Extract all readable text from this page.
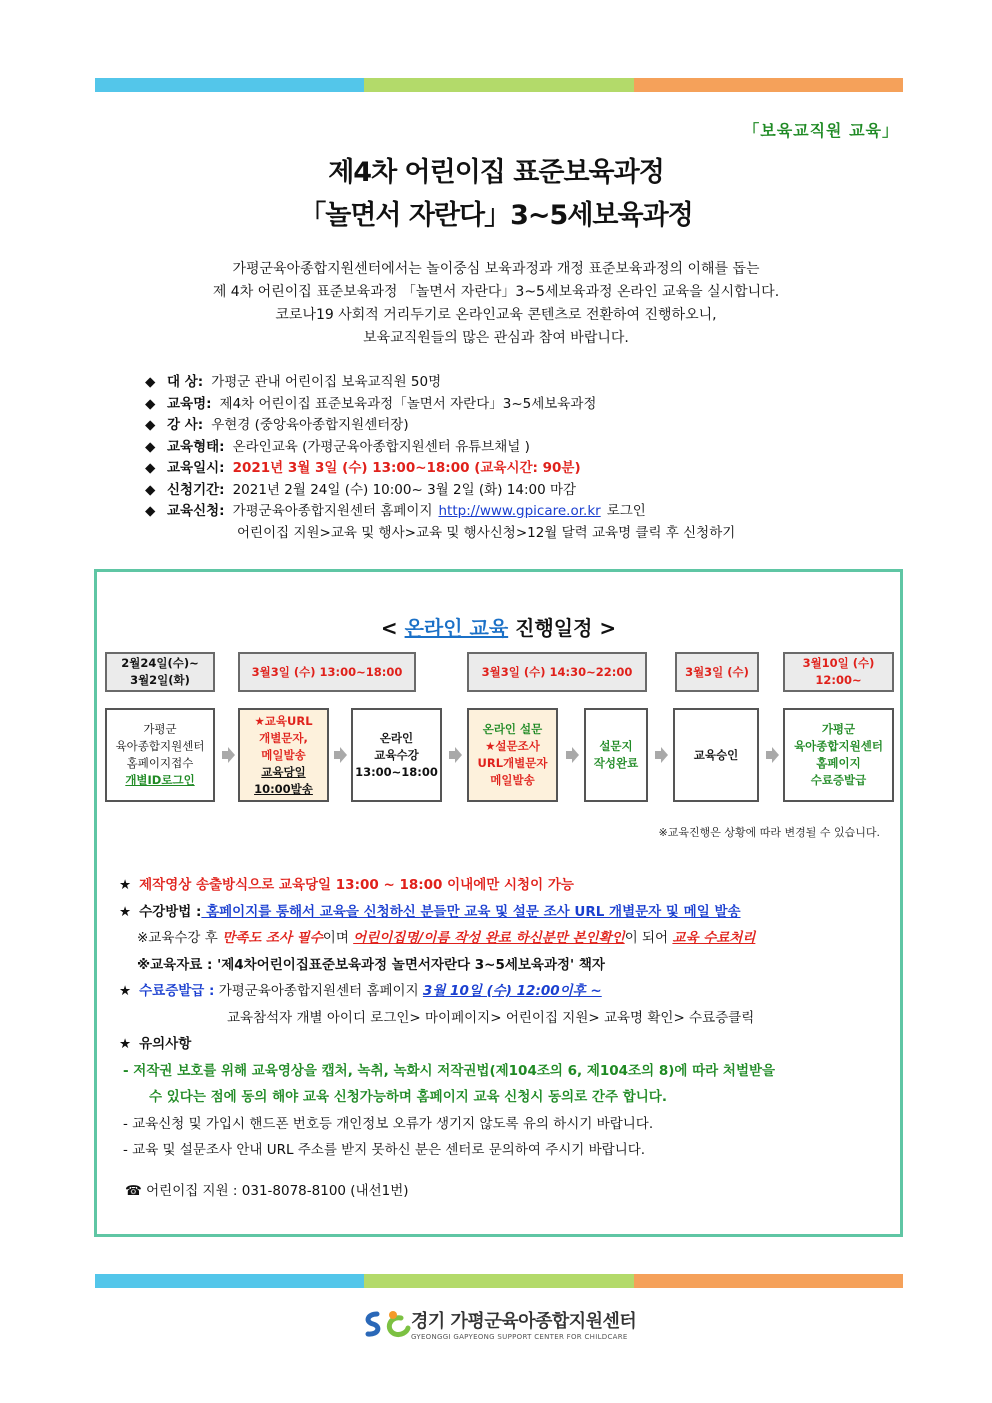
「보육교직원 교육」
제4차 어린이집 표준보육과정
「놀면서 자란다」3~5세보육과정
가평군육아종합지원센터에서는 놀이중심 보육과정과 개정 표준보육과정의 이해를 돕는
제 4차 어린이집 표준보육과정 「놀면서 자란다」3~5세보육과정 온라인 교육을 실시합니다.
코로나19 사회적 거리두기로 온라인교육 콘텐츠로 전환하여 진행하오니,
보육교직원들의 많은 관심과 참여 바랍니다.
◆ 대 상: 가평군 관내 어린이집 보육교직원 50명
◆ 교육명: 제4차 어린이집 표준보육과정「놀면서 자란다」3~5세보육과정
◆ 강 사: 우현경 (중앙육아종합지원센터장)
◆ 교육형태: 온라인교육 (가평군육아종합지원센터 유튜브채널 )
◆ 교육일시: 2021년 3월 3일 (수) 13:00~18:00 (교육시간: 90분)
◆ 신청기간: 2021년 2월 24일 (수) 10:00~ 3월 2일 (화) 14:00 마감
◆ 교육신청: 가평군육아종합지원센터 홈페이지 http://www.gpicare.or.kr 로그인
어린이집 지원>교육 및 행사>교육 및 행사신청>12월 달력 교육명 클릭 후 신청하기
< 온라인 교육 진행일정 >
2월24일(수)~
3월2일(화)
3월3일 (수) 13:00~18:00	3월3일 (수) 14:30~22:00	3월3일 (수)
3월10일 (수)
12:00~
가평군
육아종합지원센터
홈페이지접수
개별ID로그인
★교육URL
개별문자,
메일발송
교육당일
10:00발송
온라인
교육수강
13:00~18:00
온라인 설문
★설문조사
URL개별문자
메일발송
설문지
작성완료
교육승인
가평군
육아종합지원센터
홈페이지
수료증발급
※교육진행은 상황에 따라 변경될 수 있습니다.
★ 제작영상 송출방식으로 교육당일 13:00 ~ 18:00 이내에만 시청이 가능
★ 수강방법 : 홈페이지를 통해서 교육을 신청하신 분들만 교육 및 설문 조사 URL 개별문자 및 메일 발송
※교육수강 후 만족도 조사 필수이며 어린이집명/이름 작성 완료 하신분만 본인확인이 되어 교육 수료처리
※교육자료 : '제4차어린이집표준보육과정 놀면서자란다 3~5세보육과정' 책자
★ 수료증발급 : 가평군육아종합지원센터 홈페이지 3월 10일 (수) 12:00이후 ~
교육참석자 개별 아이디 로그인> 마이페이지> 어린이집 지원> 교육명 확인> 수료증클릭
★ 유의사항
- 저작권 보호를 위해 교육영상을 캡처, 녹취, 녹화시 저작권법(제104조의 6, 제104조의 8)에 따라 처벌받을
수 있다는 점에 동의 해야 교육 신청가능하며 홈페이지 교육 신청시 동의로 간주 합니다.
- 교육신청 및 가입시 핸드폰 번호등 개인정보 오류가 생기지 않도록 유의 하시기 바랍니다.
- 교육 및 설문조사 안내 URL 주소를 받지 못하신 분은 센터로 문의하여 주시기 바랍니다.
☎ 어린이집 지원 : 031-8078-8100 (내선1번)
경기 가평군육아종합지원센터
GYEONGGI GAPYEONG SUPPORT CENTER FOR CHILDCARE
